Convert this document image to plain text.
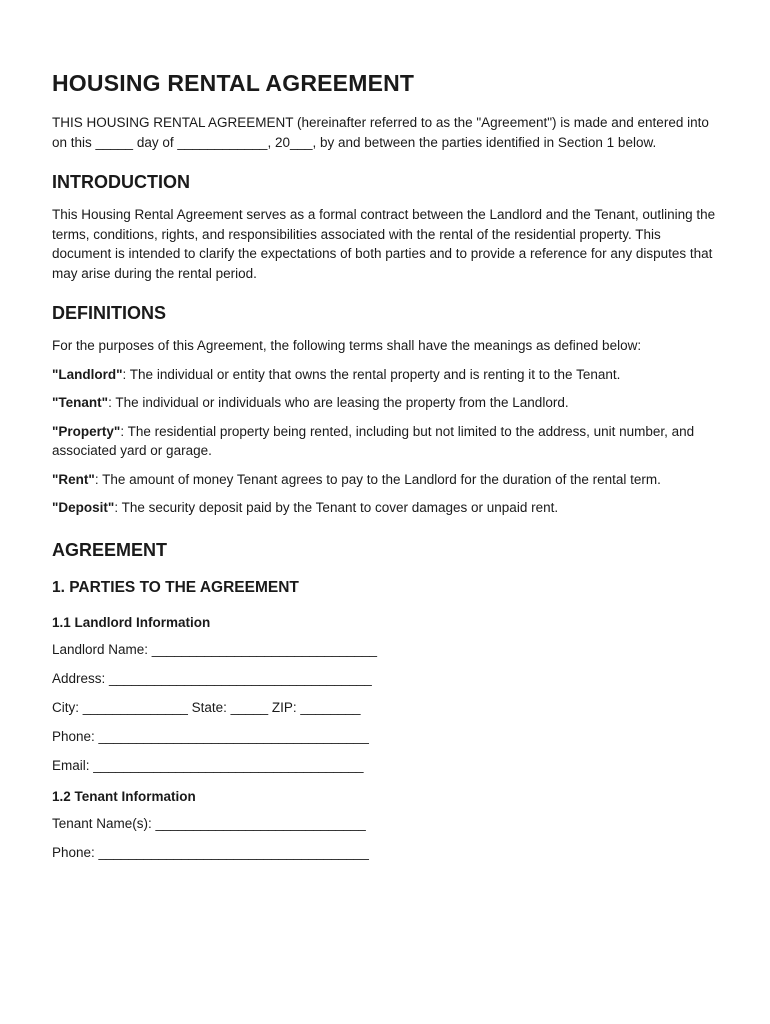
HOUSING RENTAL AGREEMENT

THIS HOUSING RENTAL AGREEMENT (hereinafter referred to as the "Agreement") is made and entered into on this _____ day of ____________, 20___, by and between the parties identified in Section 1 below.

INTRODUCTION

This Housing Rental Agreement serves as a formal contract between the Landlord and the Tenant, outlining the terms, conditions, rights, and responsibilities associated with the rental of the residential property. This document is intended to clarify the expectations of both parties and to provide a reference for any disputes that may arise during the rental period.

DEFINITIONS

For the purposes of this Agreement, the following terms shall have the meanings as defined below:

"Landlord": The individual or entity that owns the rental property and is renting it to the Tenant.

"Tenant": The individual or individuals who are leasing the property from the Landlord.

"Property": The residential property being rented, including but not limited to the address, unit number, and associated yard or garage.

"Rent": The amount of money Tenant agrees to pay to the Landlord for the duration of the rental term.

"Deposit": The security deposit paid by the Tenant to cover damages or unpaid rent.

AGREEMENT
1. PARTIES TO THE AGREEMENT
1.1 Landlord Information
Landlord Name: ______________________________
Address: ___________________________________
City: ______________ State: _____ ZIP: ________
Phone: ____________________________________
Email: ____________________________________
1.2 Tenant Information
Tenant Name(s): ____________________________
Phone: ____________________________________
